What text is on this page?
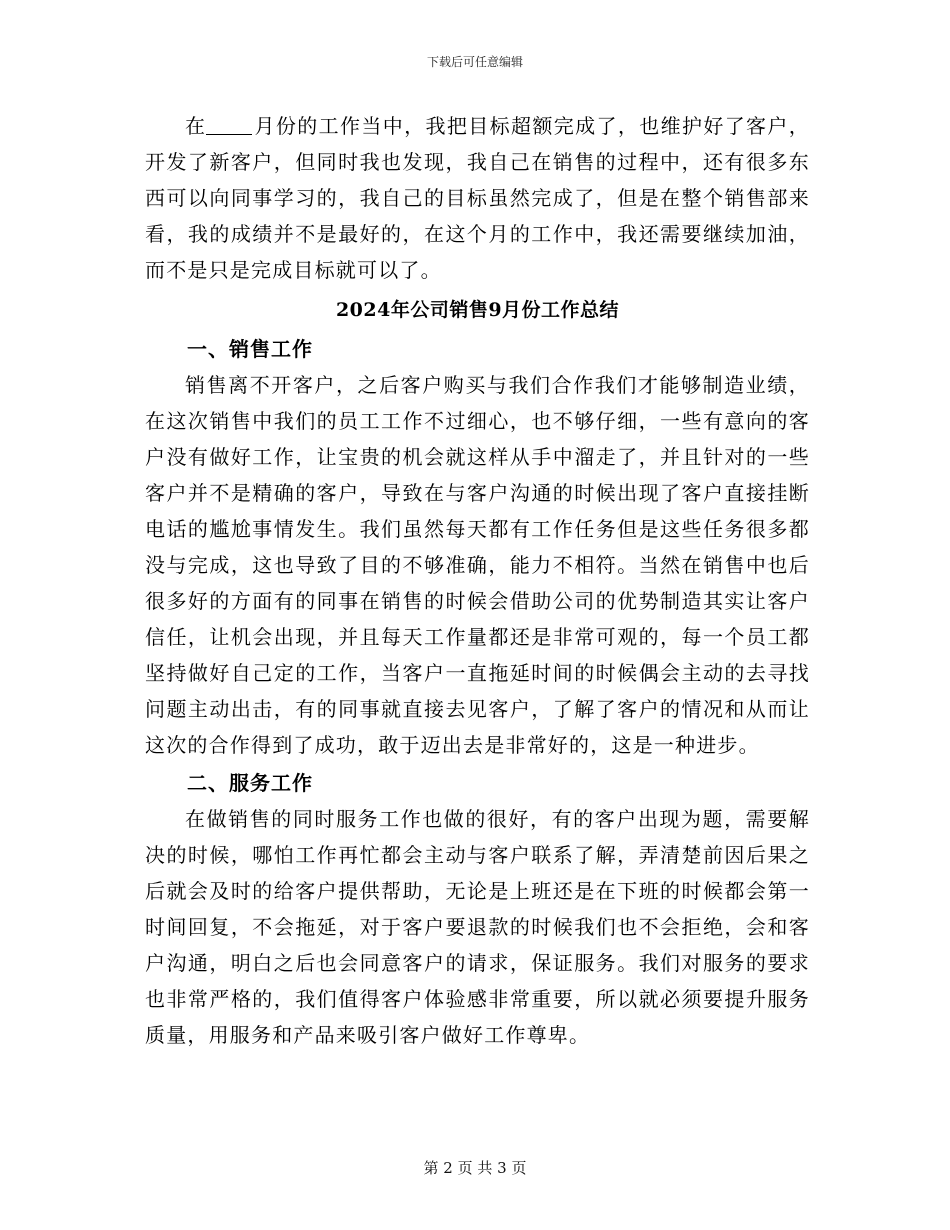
下载后可任意编辑

在 月份的工作当中，我把目标超额完成了，也维护好了客户，开发了新客户，但同时我也发现，我自己在销售的过程中，还有很多东西可以向同事学习的，我自己的目标虽然完成了，但是在整个销售部来看，我的成绩并不是最好的，在这个月的工作中，我还需要继续加油，而不是只是完成目标就可以了。

2024年公司销售9月份工作总结
一、销售工作

销售离不开客户，之后客户购买与我们合作我们才能够制造业绩，在这次销售中我们的员工工作不过细心，也不够仔细，一些有意向的客户没有做好工作，让宝贵的机会就这样从手中溜走了，并且针对的一些客户并不是精确的客户，导致在与客户沟通的时候出现了客户直接挂断电话的尴尬事情发生。我们虽然每天都有工作任务但是这些任务很多都没与完成，这也导致了目的不够准确，能力不相符。当然在销售中也后很多好的方面有的同事在销售的时候会借助公司的优势制造其实让客户信任，让机会出现，并且每天工作量都还是非常可观的，每一个员工都坚持做好自己定的工作，当客户一直拖延时间的时候偶会主动的去寻找问题主动出击，有的同事就直接去见客户，了解了客户的情况和从而让这次的合作得到了成功，敢于迈出去是非常好的，这是一种进步。

二、服务工作

在做销售的同时服务工作也做的很好，有的客户出现为题，需要解决的时候，哪怕工作再忙都会主动与客户联系了解，弄清楚前因后果之后就会及时的给客户提供帮助，无论是上班还是在下班的时候都会第一时间回复，不会拖延，对于客户要退款的时候我们也不会拒绝，会和客户沟通，明白之后也会同意客户的请求，保证服务。我们对服务的要求也非常严格的，我们值得客户体验感非常重要，所以就必须要提升服务质量，用服务和产品来吸引客户做好工作尊卑。

第 2 页 共 3 页
